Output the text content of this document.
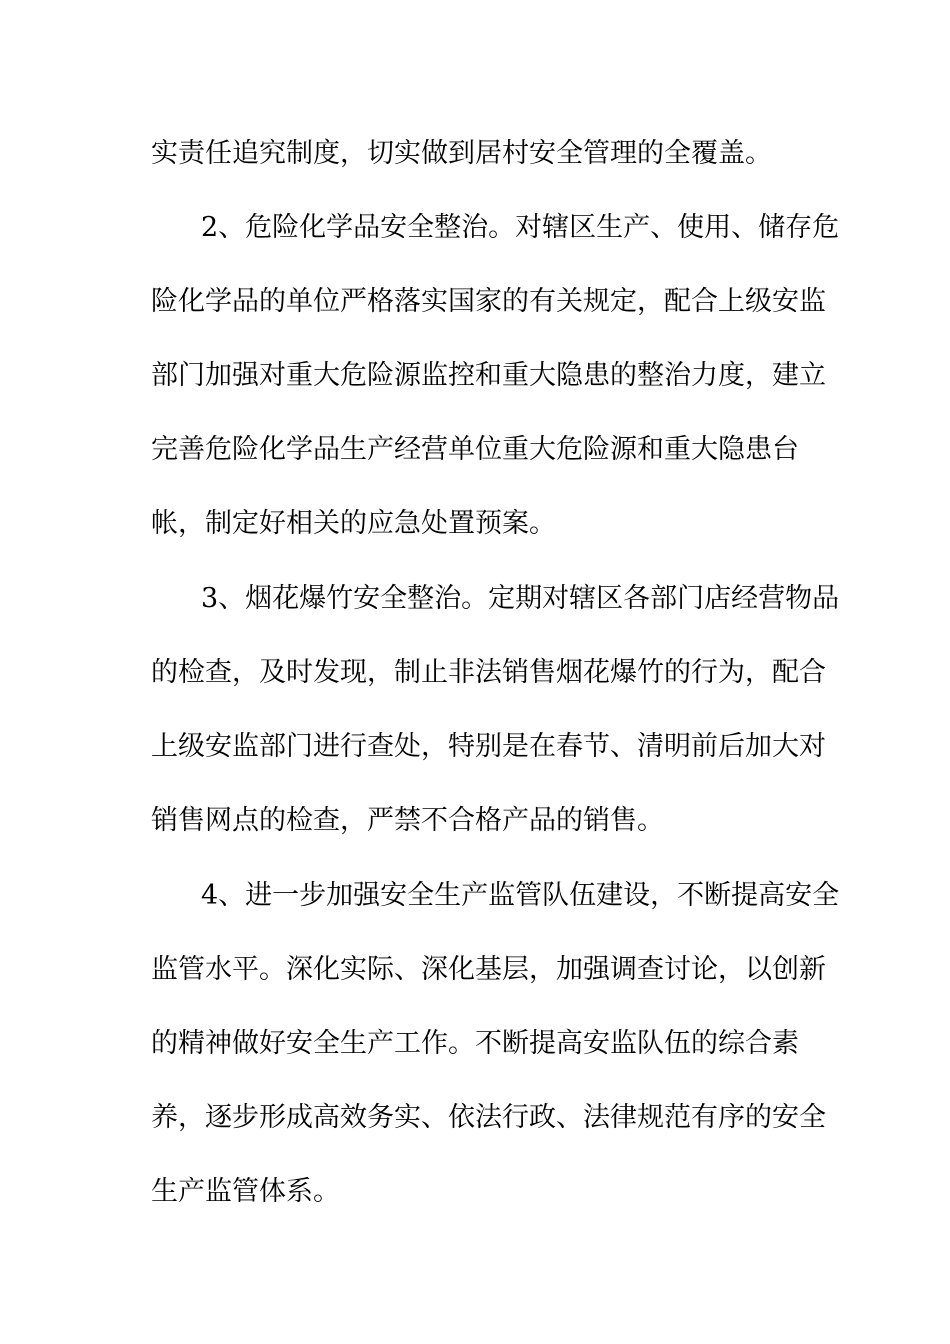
实责任追究制度，切实做到居村安全管理的全覆盖。
2、危险化学品安全整治。对辖区生产、使用、储存危
险化学品的单位严格落实国家的有关规定，配合上级安监
部门加强对重大危险源监控和重大隐患的整治力度，建立
完善危险化学品生产经营单位重大危险源和重大隐患台
帐，制定好相关的应急处置预案。
3、烟花爆竹安全整治。定期对辖区各部门店经营物品
的检查，及时发现，制止非法销售烟花爆竹的行为，配合
上级安监部门进行查处，特别是在春节、清明前后加大对
销售网点的检查，严禁不合格产品的销售。
4、进一步加强安全生产监管队伍建设，不断提高安全
监管水平。深化实际、深化基层，加强调查讨论，以创新
的精神做好安全生产工作。不断提高安监队伍的综合素
养，逐步形成高效务实、依法行政、法律规范有序的安全
生产监管体系。
